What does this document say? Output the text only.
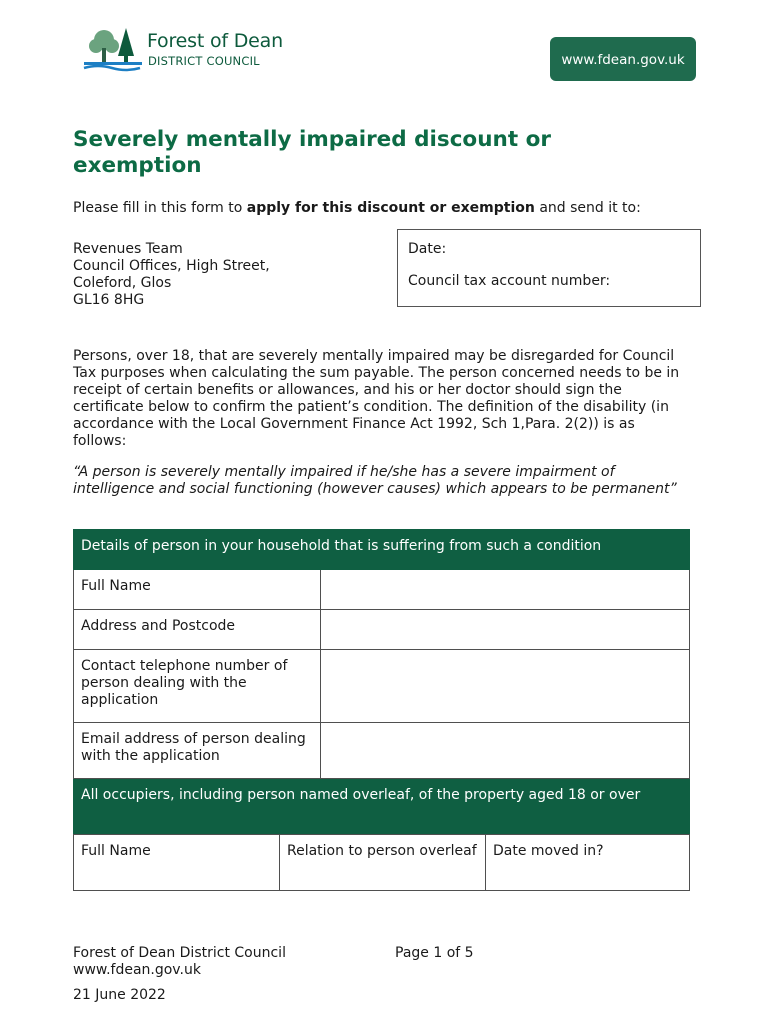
Forest of Dean
DISTRICT COUNCIL	www.fdean.gov.uk
Severely mentally impaired discount or exemption
Please fill in this form to apply for this discount or exemption and send it to:
Revenues Team
Council Offices, High Street,
Coleford, Glos
GL16 8HG
Date:
Council tax account number:
Persons, over 18, that are severely mentally impaired may be disregarded for Council Tax purposes when calculating the sum payable. The person concerned needs to be in receipt of certain benefits or allowances, and his or her doctor should sign the certificate below to confirm the patient’s condition. The definition of the disability (in accordance with the Local Government Finance Act 1992, Sch 1,Para. 2(2)) is as follows:
“A person is severely mentally impaired if he/she has a severe impairment of intelligence and social functioning (however causes) which appears to be permanent”
Details of person in your household that is suffering from such a condition	
Full Name	
Address and Postcode	
Contact telephone number of person dealing with the application	
Email address of person dealing with the application	
All occupiers, including person named overleaf, of the property aged 18 or over	
Full Name	Relation to person overleaf	Date moved in?
Forest of Dean District Council
www.fdean.gov.uk
Page 1 of 5
21 June 2022
